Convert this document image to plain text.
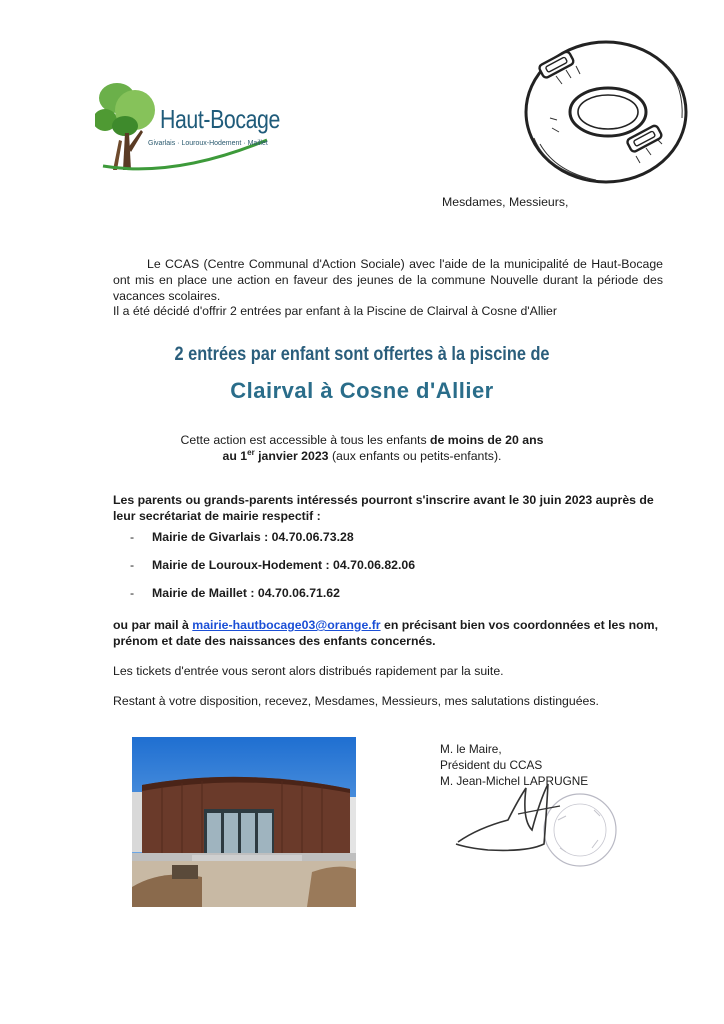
Haut-Bocage
Givarlais · Louroux-Hodement · Maillet
Mesdames, Messieurs,
Le CCAS (Centre Communal d'Action Sociale) avec l'aide de la municipalité de Haut-Bocage ont mis en place une action en faveur des jeunes de la commune Nouvelle durant la période des vacances scolaires.
Il a été décidé d'offrir 2 entrées par enfant à la Piscine de Clairval à Cosne d'Allier
2 entrées par enfant sont offertes à la piscine de
Clairval à Cosne d'Allier
Cette action est accessible à tous les enfants de moins de 20 ans
au 1er janvier 2023 (aux enfants ou petits-enfants).
Les parents ou grands-parents intéressés pourront s'inscrire avant le 30 juin 2023 auprès de leur secrétariat de mairie respectif :
- Mairie de Givarlais : 04.70.06.73.28
- Mairie de Louroux-Hodement : 04.70.06.82.06
- Mairie de Maillet : 04.70.06.71.62
ou par mail à mairie-hautbocage03@orange.fr en précisant bien vos coordonnées et les nom, prénom et date des naissances des enfants concernés.
Les tickets d'entrée vous seront alors distribués rapidement par la suite.
Restant à votre disposition, recevez, Mesdames, Messieurs, mes salutations distinguées.
M. le Maire,
Président du CCAS
M. Jean-Michel LAPRUGNE
